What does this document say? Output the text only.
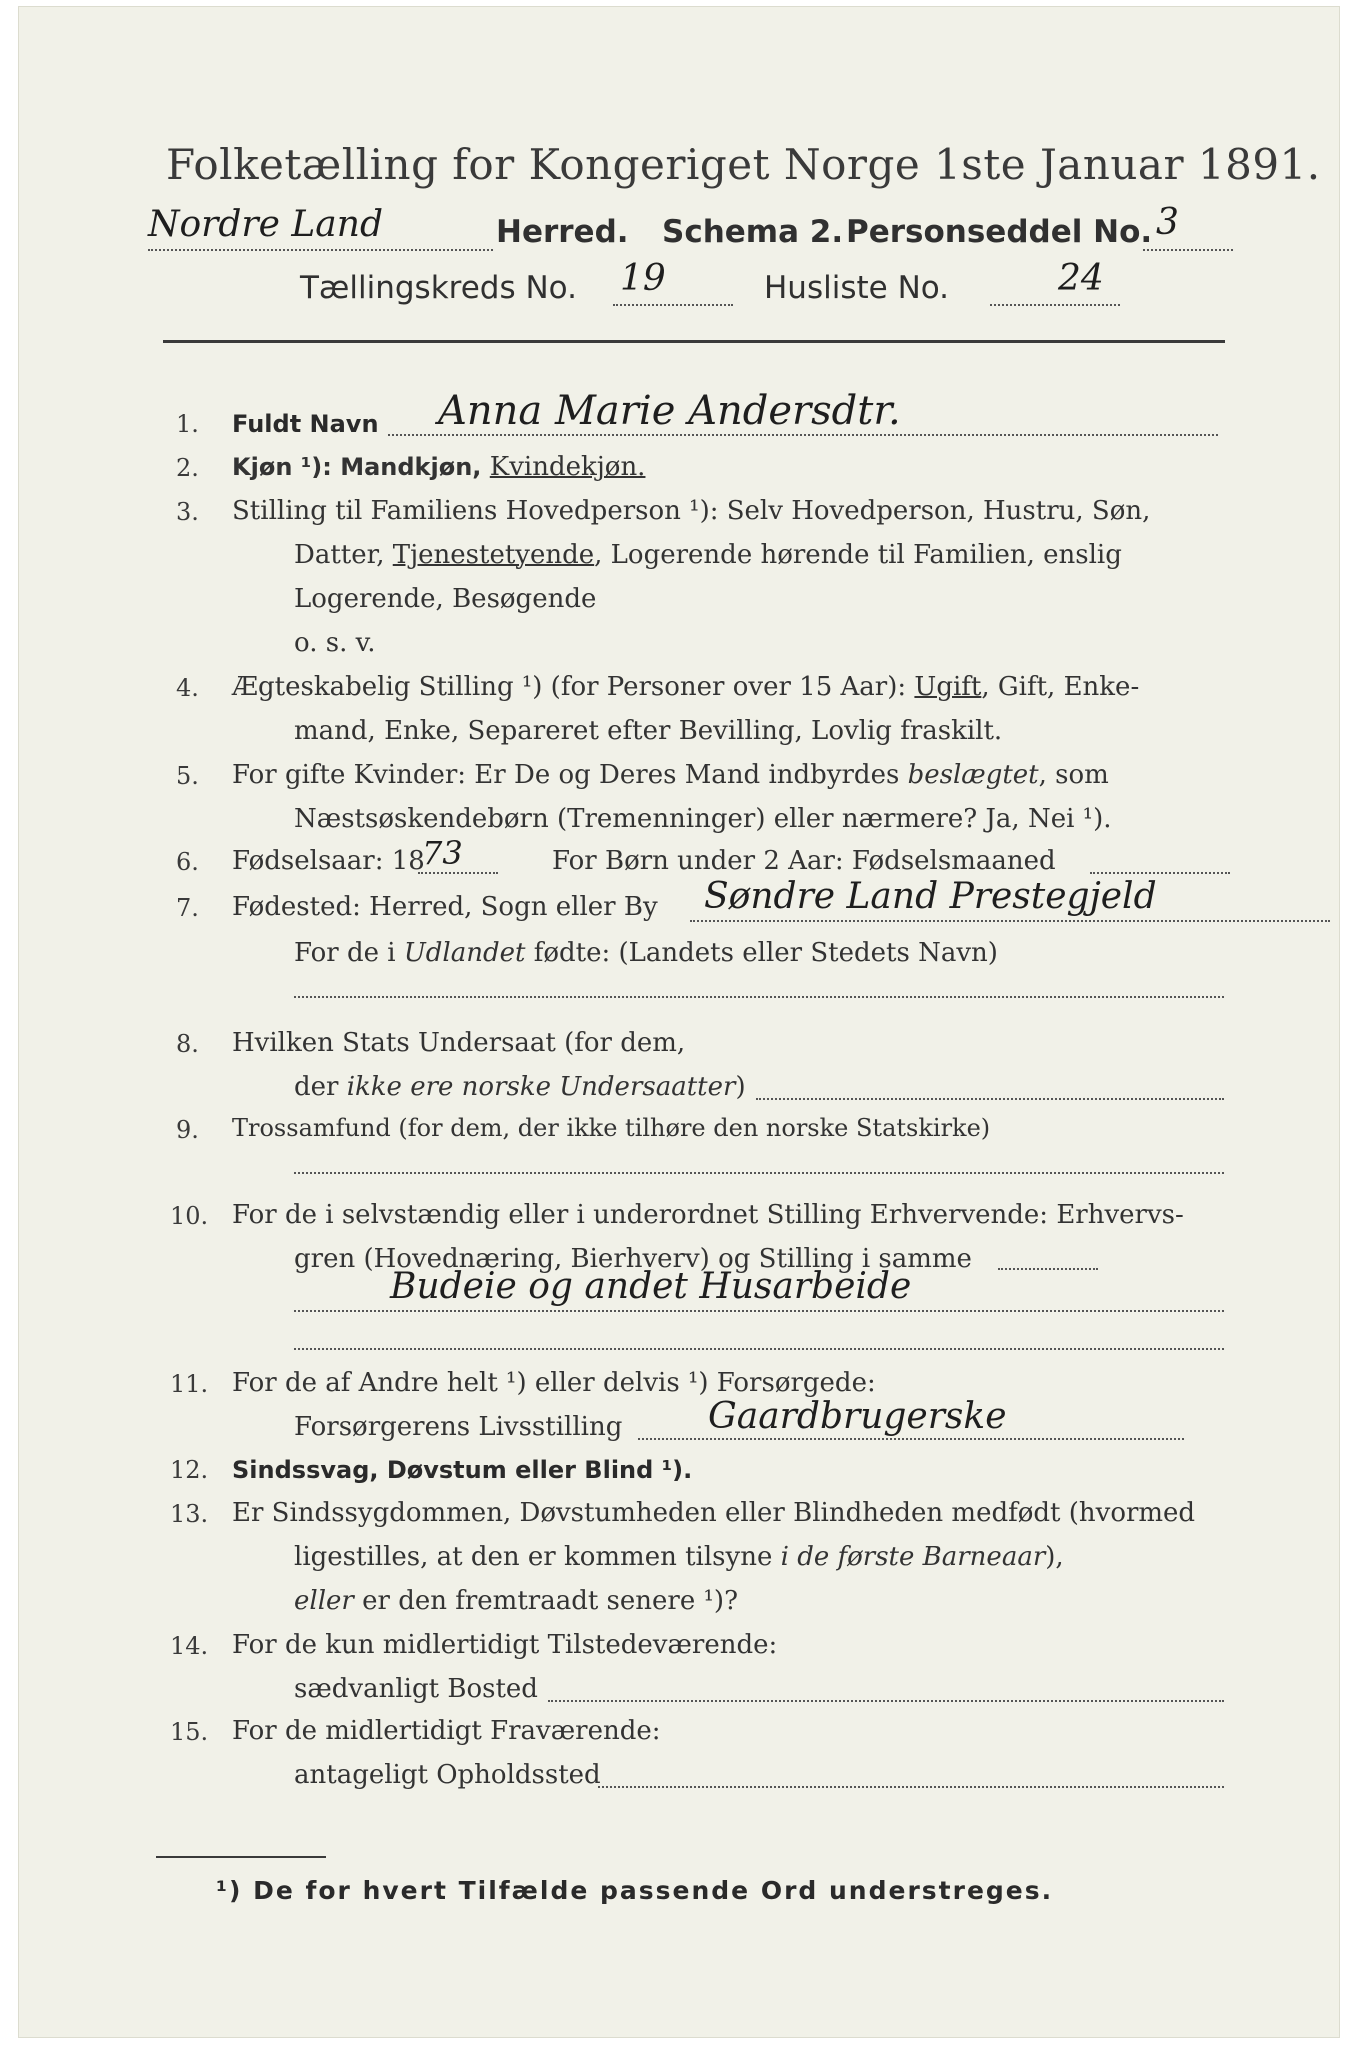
Folketælling for Kongeriget Norge 1ste Januar 1891.
Nordre Land	Herred. Schema 2. Personseddel No. 3
Tællingskreds No. 19	Husliste No.	24
1. Fuldt Navn Anna Marie Andersdtr.
2. Kjøn ¹): Mandkjøn, Kvindekjøn.
3. Stilling til Familiens Hovedperson ¹): Selv Hovedperson, Hustru, Søn,
Datter, Tjenestetyende, Logerende hørende til Familien, enslig
Logerende, Besøgende
o. s. v.
4. Ægteskabelig Stilling ¹) (for Personer over 15 Aar): Ugift, Gift, Enke-
mand, Enke, Separeret efter Bevilling, Lovlig fraskilt.
5. For gifte Kvinder: Er De og Deres Mand indbyrdes beslægtet, som
Næstsøskendebørn (Tremenninger) eller nærmere? Ja, Nei ¹).
6. Fødselsaar: 18
73	For Børn under 2 Aar: Fødselsmaaned
7. Fødested: Herred, Sogn eller By Søndre Land Prestegjeld
For de i Udlandet fødte: (Landets eller Stedets Navn)
8. Hvilken Stats Undersaat (for dem,
der ikke ere norske Undersaatter)
9. Trossamfund (for dem, der ikke tilhøre den norske Statskirke)
10. For de i selvstændig eller i underordnet Stilling Erhvervende: Erhvervs-
gren (Hovednæring, Bierhverv) og Stilling i samme
Budeie og andet Husarbeide
11. For de af Andre helt ¹) eller delvis ¹) Forsørgede:
Forsørgerens Livsstilling Gaardbrugerske
12. Sindssvag, Døvstum eller Blind ¹).
13. Er Sindssygdommen, Døvstumheden eller Blindheden medfødt (hvormed
ligestilles, at den er kommen tilsyne i de første Barneaar),
eller er den fremtraadt senere ¹)?
14. For de kun midlertidigt Tilstedeværende:
sædvanligt Bosted
15. For de midlertidigt Fraværende:
antageligt Opholdssted
¹) De for hvert Tilfælde passende Ord understreges.
